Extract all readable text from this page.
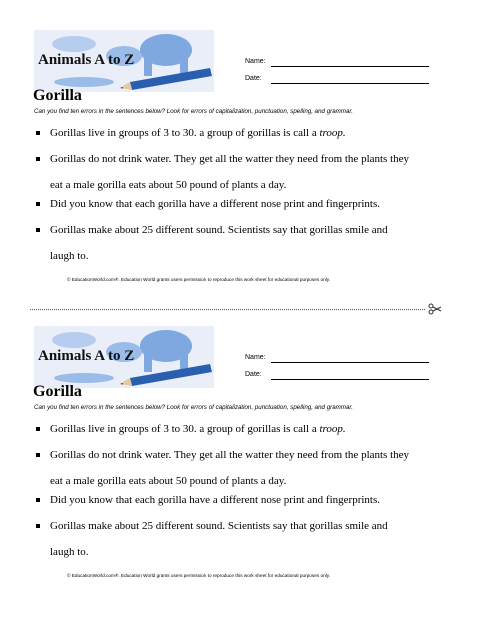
Animals A to Z	Name:
Date:
Gorilla
Can you find ten errors in the sentences below? Look for errors of capitalization, punctuation, spelling, and grammar.
Gorillas live in groups of 3 to 30. a group of gorillas is call a troop.
Gorillas do not drink water. They get all the watter they need from the plants they
eat a male gorilla eats about 50 pound of plants a day.
Did you know that each gorilla have a different nose print and fingerprints.
Gorillas make about 25 different sound. Scientists say that gorillas smile and
laugh to.
© EducationWorld.com®. Education World grants users permission to reproduce this work sheet for educational purposes only.
Animals A to Z	Name:
Date:
Gorilla
Can you find ten errors in the sentences below? Look for errors of capitalization, punctuation, spelling, and grammar.
Gorillas live in groups of 3 to 30. a group of gorillas is call a troop.
Gorillas do not drink water. They get all the watter they need from the plants they
eat a male gorilla eats about 50 pound of plants a day.
Did you know that each gorilla have a different nose print and fingerprints.
Gorillas make about 25 different sound. Scientists say that gorillas smile and
laugh to.
© EducationWorld.com®. Education World grants users permission to reproduce this work sheet for educational purposes only.
